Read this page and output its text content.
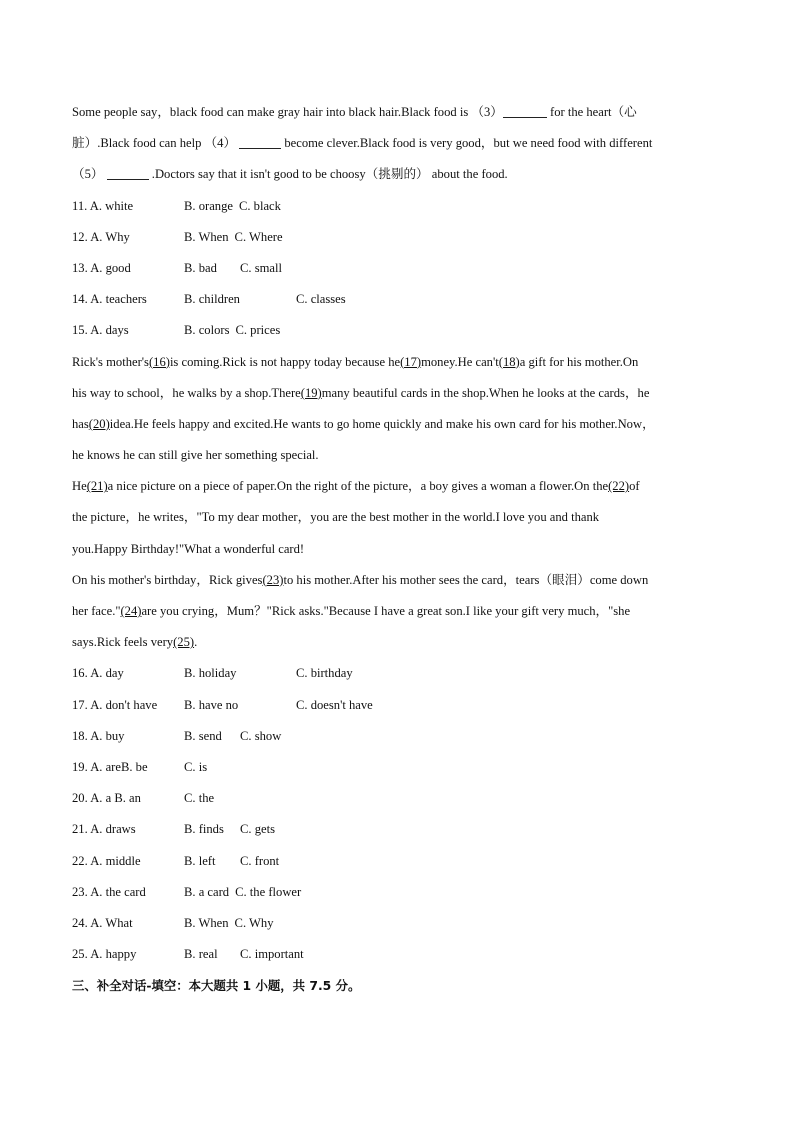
Some people say，black food can make gray hair into black hair.Black food is （3）	for the heart（心
脏）.Black food can help （4）	become clever.Black food is very good，but we need food with different
（5）	.Doctors say that it isn't good to be choosy（挑剔的） about the food.
11. A. white	B. orange C. black
12. A. Why	B. When C. Where
13. A. good	B. bad C. small
14. A. teachers	B. children	C. classes
15. A. days	B. colors C. prices
Rick's mother's(16)is coming.Rick is not happy today because he(17)money.He can't(18)a gift for his mother.On
his way to school，he walks by a shop.There(19)many beautiful cards in the shop.When he looks at the cards，he
has(20)idea.He feels happy and excited.He wants to go home quickly and make his own card for his mother.Now，
he knows he can still give her something special.
He(21)a nice picture on a piece of paper.On the right of the picture，a boy gives a woman a flower.On the(22)of
the picture，he writes，"To my dear mother，you are the best mother in the world.I love you and thank
you.Happy Birthday!"What a wonderful card!
On his mother's birthday，Rick gives(23)to his mother.After his mother sees the card，tears（眼泪）come down
her face."(24)are you crying，Mum？"Rick asks."Because I have a great son.I like your gift very much，"she
says.Rick feels very(25).
16. A. day	B. holiday	C. birthday
17. A. don't have B. have no	C. doesn't have
18. A. buy	B. send C. show
19. A. areB. be	C. is
20. A. a B. an	C. the
21. A. draws	B. finds C. gets
22. A. middle	B. left C. front
23. A. the card	B. a card C. the flower
24. A. What	B. When C. Why
25. A. happy	B. real C. important
三、补全对话-填空：本大题共 1 小题，共 7.5 分。
